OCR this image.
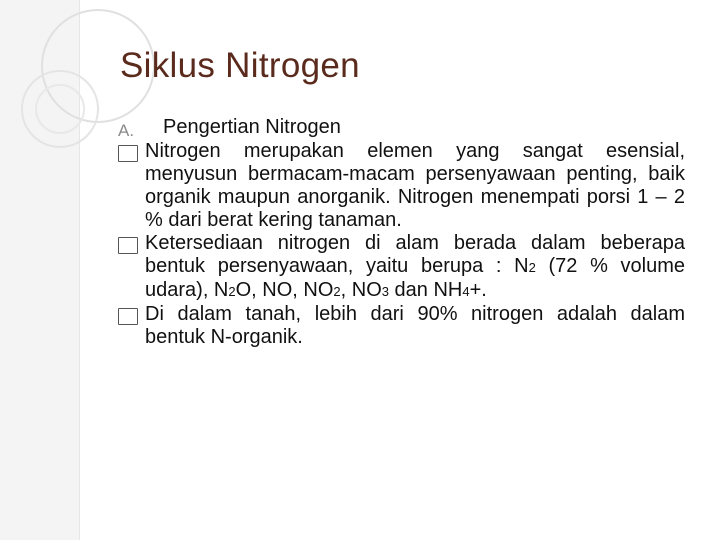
Siklus Nitrogen
A. Pengertian Nitrogen
Nitrogen merupakan elemen yang sangat esensial, menyusun bermacam-macam persenyawaan penting, baik organik maupun anorganik. Nitrogen menempati porsi 1 – 2 % dari berat kering tanaman.
Ketersediaan nitrogen di alam berada dalam beberapa bentuk persenyawaan, yaitu berupa : N2 (72 % volume udara), N2O, NO, NO2, NO3 dan NH4+.
Di dalam tanah, lebih dari 90% nitrogen adalah dalam bentuk N-organik.
